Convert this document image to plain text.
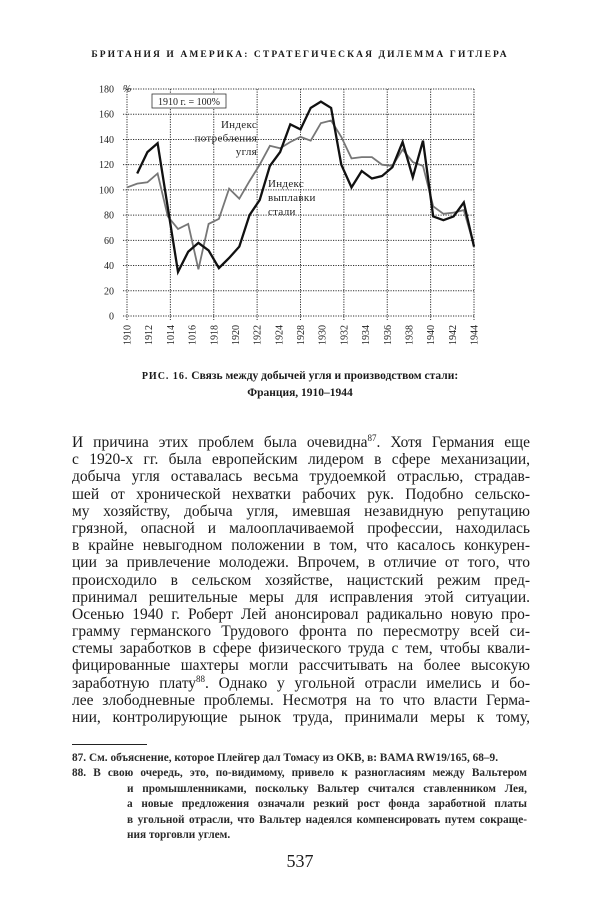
БРИТАНИЯ И АМЕРИКА: СТРАТЕГИЧЕСКАЯ ДИЛЕММА ГИТЛЕРА
0
20
40
60
80
100
120
140
160
180
1910 1912 1014 1016 1918 1920 1922 1924 1928 1930 1932 1934 1936 1938 1940 1942 1944
%
1910 г. = 100%
Индекс
потребления
угля
Индекс
выплавки
стали
РИС. 16. Связь между добычей угля и производством стали:
Франция, 1910–1944
И причина этих проблем была очевидна$^{87}$. Хотя Германия еще
с 1920-х гг. была европейским лидером в сфере механизации,
добыча угля оставалась весьма трудоемкой отраслью, страдав-
шей от хронической нехватки рабочих рук. Подобно сельско-
му хозяйству, добыча угля, имевшая незавидную репутацию
грязной, опасной и малооплачиваемой профессии, находилась
в крайне невыгодном положении в том, что касалось конкурен-
ции за привлечение молодежи. Впрочем, в отличие от того, что
происходило в сельском хозяйстве, нацистский режим пред-
принимал решительные меры для исправления этой ситуации.
Осенью 1940 г. Роберт Лей анонсировал радикально новую про-
грамму германского Трудового фронта по пересмотру всей си-
стемы заработков в сфере физического труда с тем, чтобы квали-
фицированные шахтеры могли рассчитывать на более высокую
заработную плату$^{88}$. Однако у угольной отрасли имелись и бо-
лее злободневные проблемы. Несмотря на то что власти Герма-
нии, контролирующие рынок труда, принимали меры к тому,
87. См. объяснение, которое Плейгер дал Томасу из OKB, в: BAMA RW19/165, 68–9.
88. В свою очередь, это, по-видимому, привело к разногласиям между Вальтером
и промышленниками, поскольку Вальтер считался ставленником Лея,
а новые предложения означали резкий рост фонда заработной платы
в угольной отрасли, что Вальтер надеялся компенсировать путем сокраще-
ния торговли углем.
537
